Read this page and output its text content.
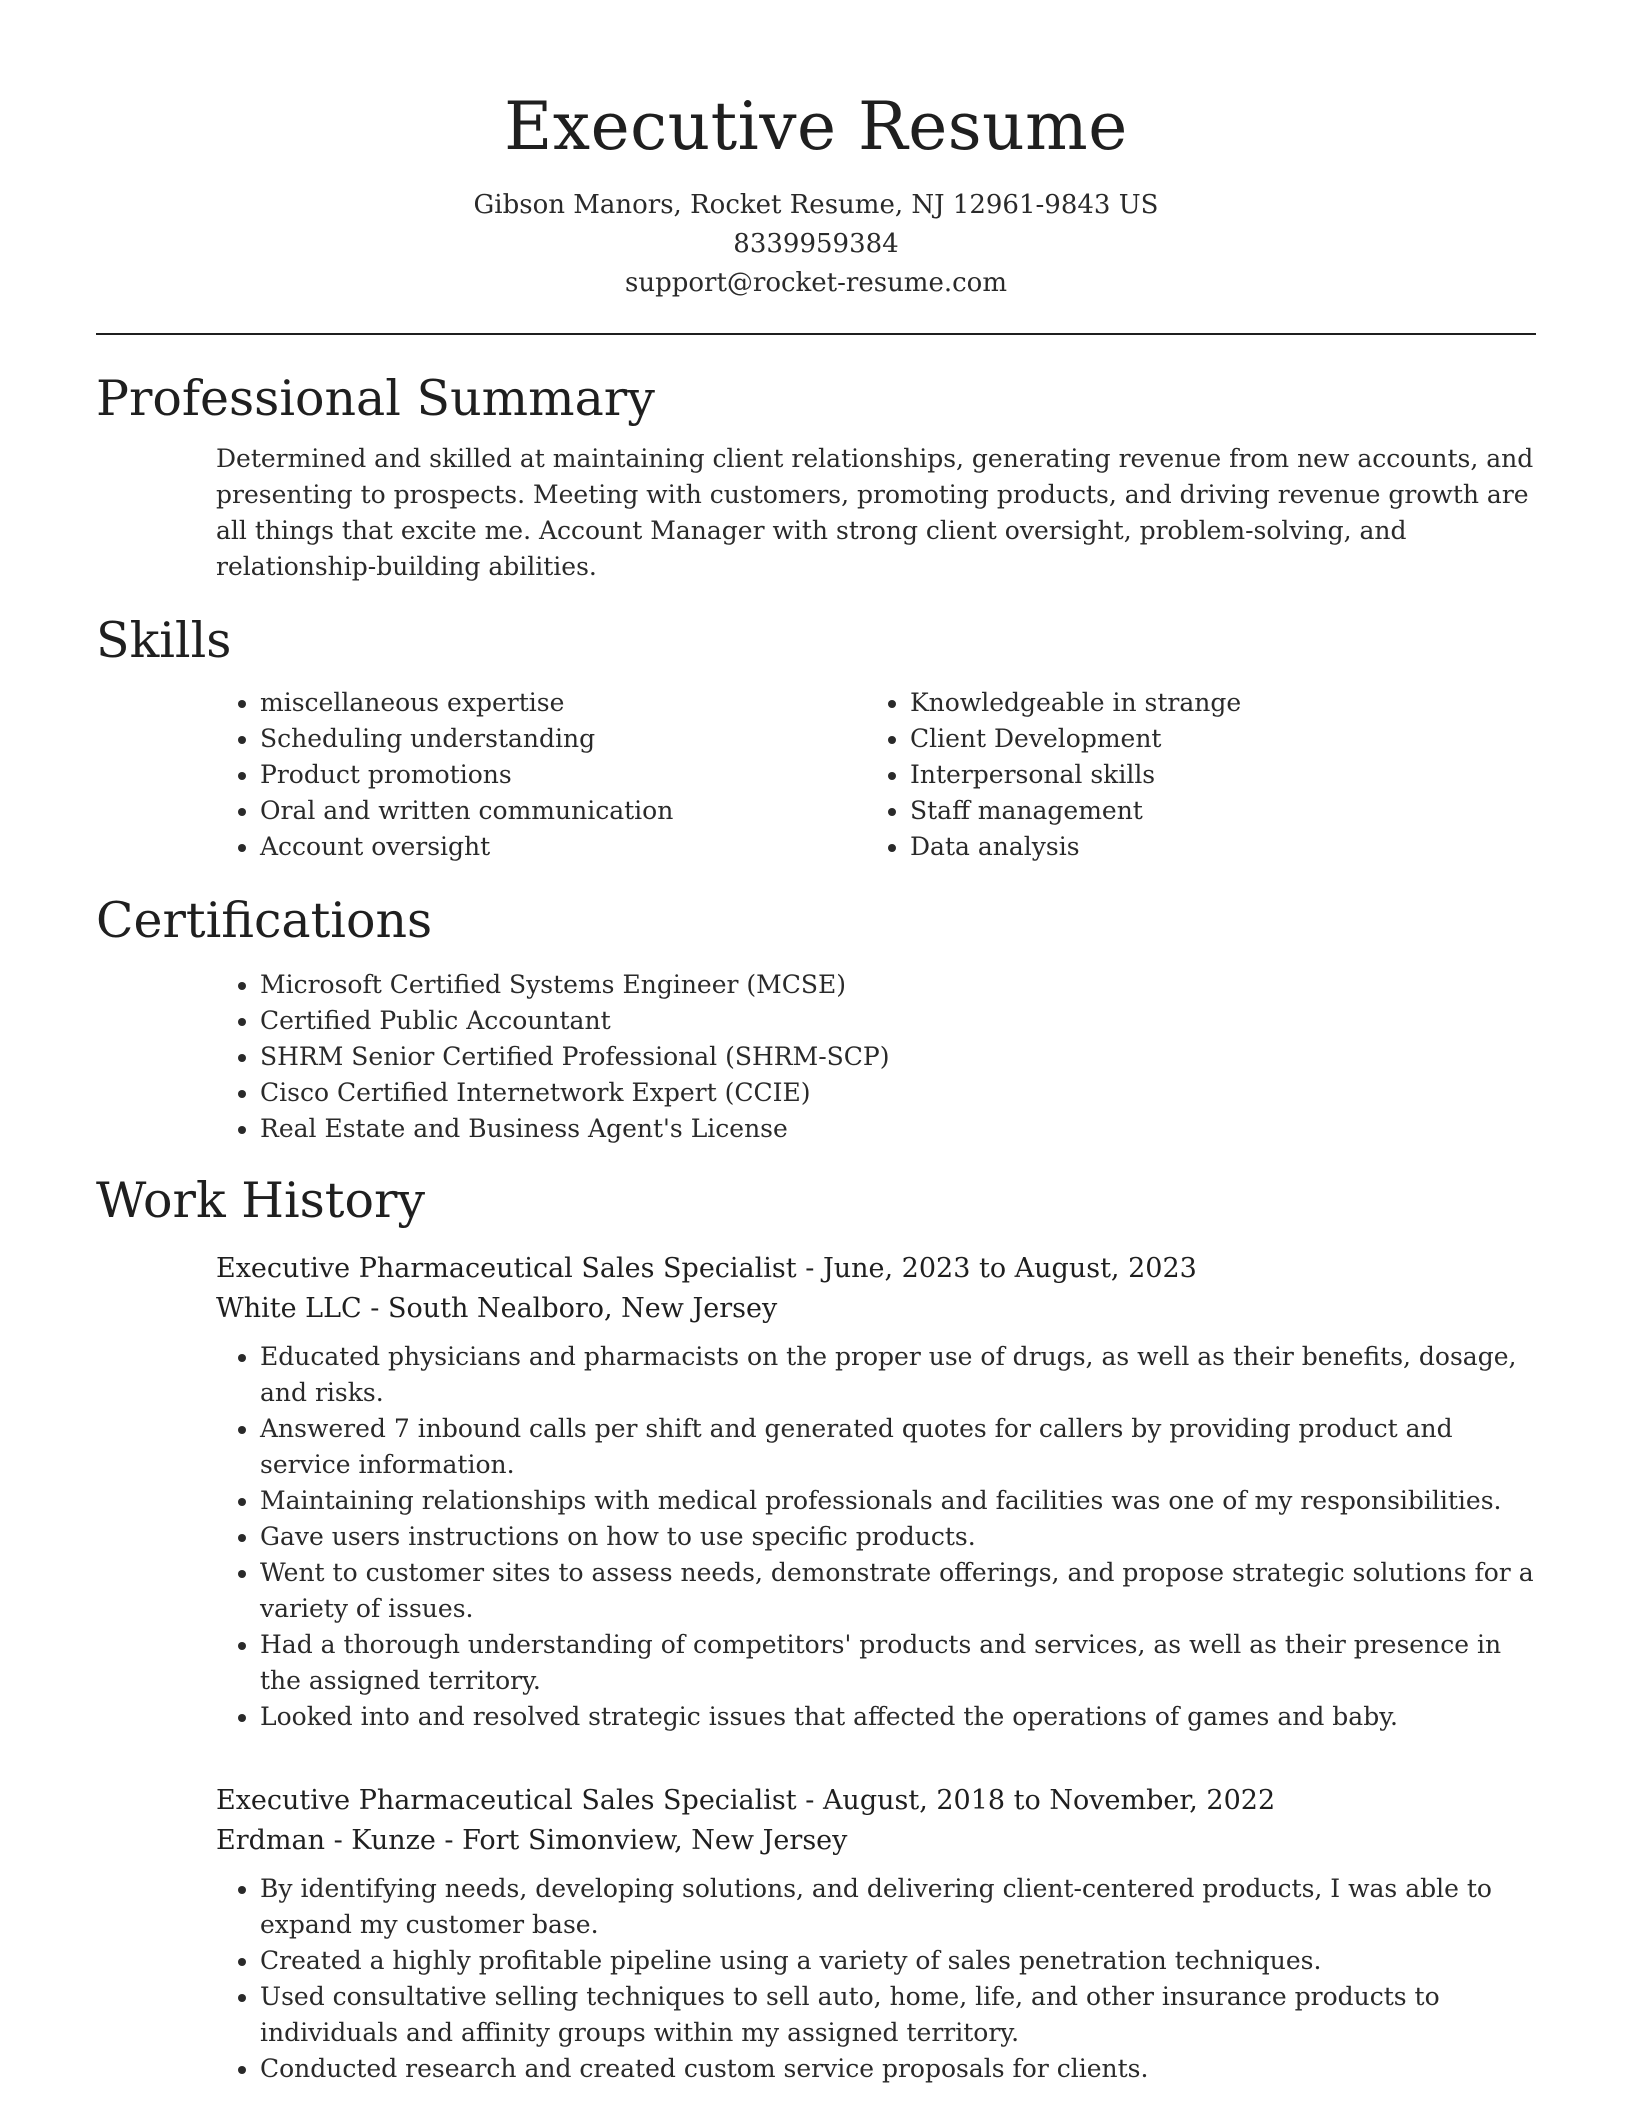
Executive Resume
Gibson Manors, Rocket Resume, NJ 12961-9843 US
8339959384
support@rocket-resume.com
Professional Summary

Determined and skilled at maintaining client relationships, generating revenue from new accounts, and presenting to prospects. Meeting with customers, promoting products, and driving revenue growth are all things that excite me. Account Manager with strong client oversight, problem-solving, and relationship-building abilities.

Skills
• miscellaneous expertise
• Scheduling understanding
• Product promotions
• Oral and written communication
• Account oversight
• Knowledgeable in strange
• Client Development
• Interpersonal skills
• Staff management
• Data analysis
Certifications
• Microsoft Certified Systems Engineer (MCSE)
• Certified Public Accountant
• SHRM Senior Certified Professional (SHRM-SCP)
• Cisco Certified Internetwork Expert (CCIE)
• Real Estate and Business Agent's License
Work History
Executive Pharmaceutical Sales Specialist - June, 2023 to August, 2023
White LLC - South Nealboro, New Jersey
• Educated physicians and pharmacists on the proper use of drugs, as well as their benefits, dosage, and risks.
• Answered 7 inbound calls per shift and generated quotes for callers by providing product and service information.
• Maintaining relationships with medical professionals and facilities was one of my responsibilities.
• Gave users instructions on how to use specific products.
• Went to customer sites to assess needs, demonstrate offerings, and propose strategic solutions for a variety of issues.
• Had a thorough understanding of competitors' products and services, as well as their presence in the assigned territory.
• Looked into and resolved strategic issues that affected the operations of games and baby.
Executive Pharmaceutical Sales Specialist - August, 2018 to November, 2022
Erdman - Kunze - Fort Simonview, New Jersey
• By identifying needs, developing solutions, and delivering client-centered products, I was able to expand my customer base.
• Created a highly profitable pipeline using a variety of sales penetration techniques.
• Used consultative selling techniques to sell auto, home, life, and other insurance products to individuals and affinity groups within my assigned territory.
• Conducted research and created custom service proposals for clients.
